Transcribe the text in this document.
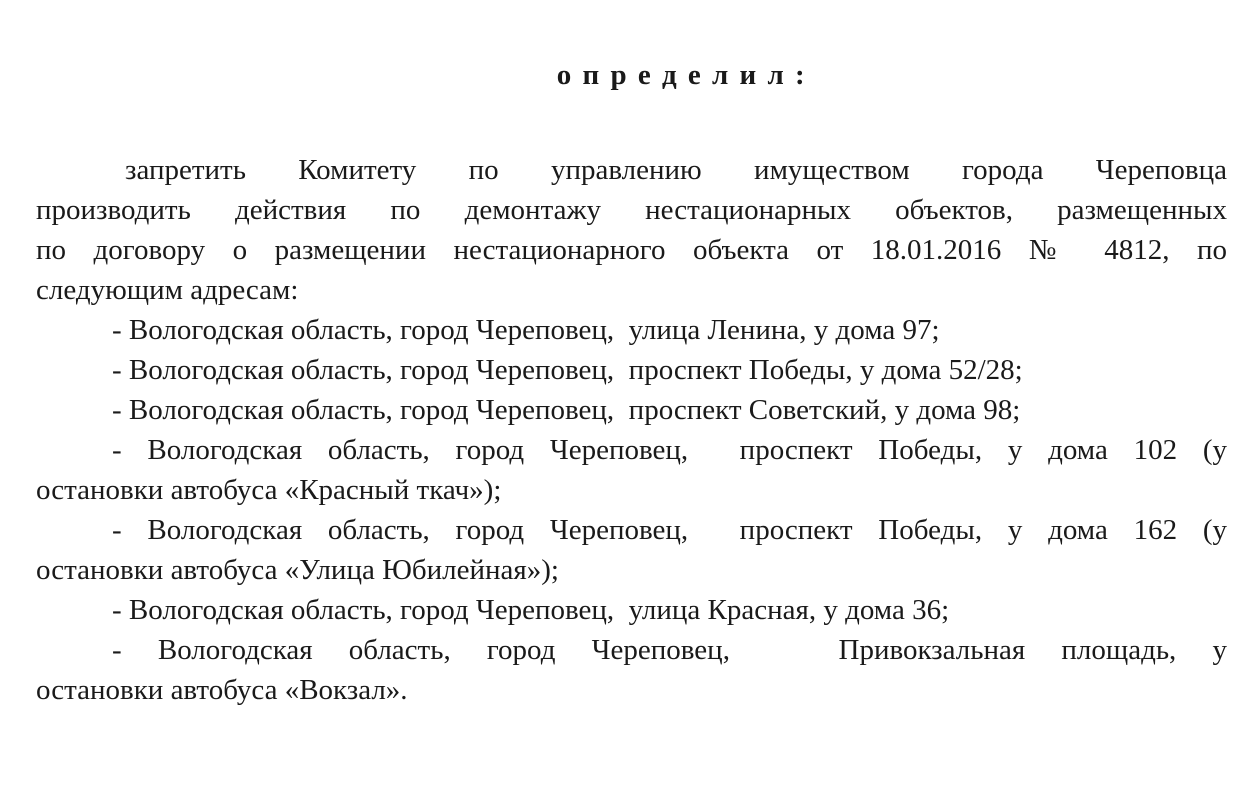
о п р е д е л и л :
запретить Комитету по управлению имуществом города Череповца
производить действия по демонтажу нестационарных объектов, размещенных
по договору о размещении нестационарного объекта от 18.01.2016 № 4812, по
следующим адресам:
- Вологодская область, город Череповец,  улица Ленина, у дома 97;
- Вологодская область, город Череповец,  проспект Победы, у дома 52/28;
- Вологодская область, город Череповец,  проспект Советский, у дома 98;
- Вологодская область, город Череповец,  проспект Победы, у дома 102 (у
остановки автобуса «Красный ткач»);
- Вологодская область, город Череповец,  проспект Победы, у дома 162 (у
остановки автобуса «Улица Юбилейная»);
- Вологодская область, город Череповец,  улица Красная, у дома 36;
- Вологодская область, город Череповец,   Привокзальная площадь, у
остановки автобуса «Вокзал».
